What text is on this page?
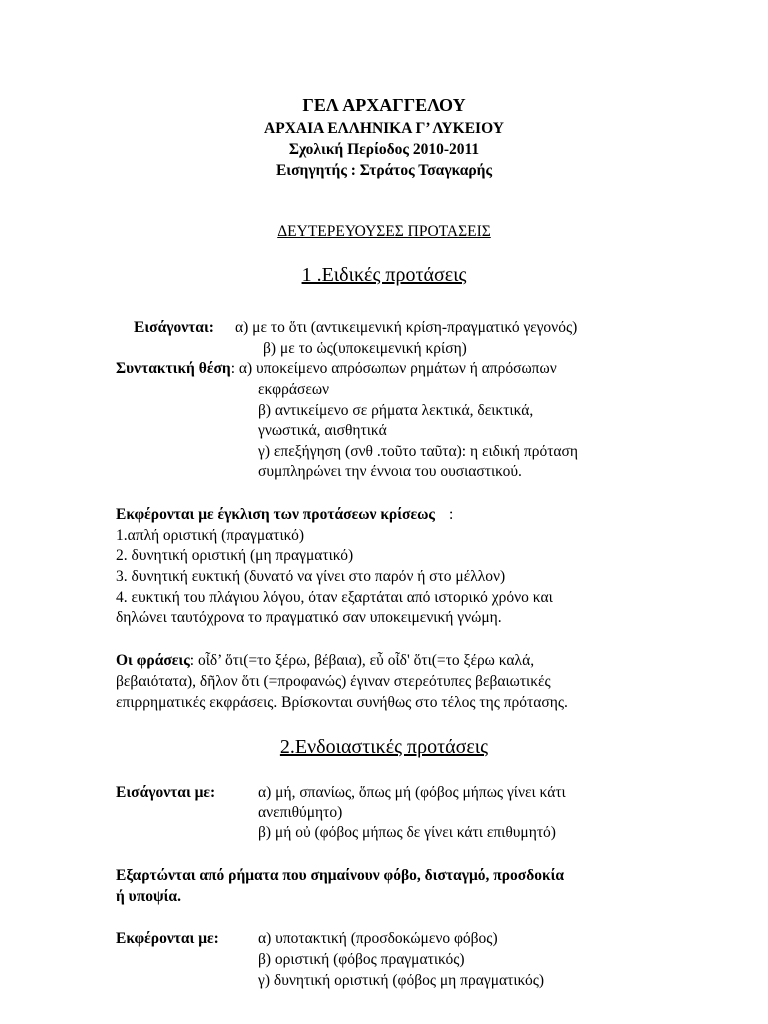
ΓΕΛ ΑΡΧΑΓΓΕΛΟΥ
ΑΡΧΑΙΑ ΕΛΛΗΝΙΚΑ Γ’ ΛΥΚΕΙΟΥ
Σχολική Περίοδος 2010-2011
Εισηγητής : Στράτος Τσαγκαρής
ΔΕΥΤΕΡΕΥΟΥΣΕΣ ΠΡΟΤΑΣΕΙΣ
1 .Ειδικές προτάσεις
Εισάγονται: α) με το ὅτι (αντικειμενική κρίση-πραγματικό γεγονός)
β) με το ὡς(υποκειμενική κρίση)
Συντακτική θέση: α) υποκείμενο απρόσωπων ρημάτων ή απρόσωπων
εκφράσεων
β) αντικείμενο σε ρήματα λεκτικά, δεικτικά,
γνωστικά, αισθητικά
γ) επεξήγηση (σνθ .τοῦτο ταῦτα): η ειδική πρόταση
συμπληρώνει την έννοια του ουσιαστικού.
Εκφέρονται με έγκλιση των προτάσεων κρίσεως :
1.απλή οριστική (πραγματικό)
2. δυνητική οριστική (μη πραγματικό)
3. δυνητική ευκτική (δυνατό να γίνει στο παρόν ή στο μέλλον)
4. ευκτική του πλάγιου λόγου, όταν εξαρτάται από ιστορικό χρόνο και
δηλώνει ταυτόχρονα το πραγματικό σαν υποκειμενική γνώμη.
Οι φράσεις: οἶδ’ ὅτι(=το ξέρω, βέβαια), εὖ οἶδ' ὅτι(=το ξέρω καλά,
βεβαιότατα), δῆλον ὅτι (=προφανώς) έγιναν στερεότυπες βεβαιωτικές
επιρρηματικές εκφράσεις. Βρίσκονται συνήθως στο τέλος της πρότασης.
2.Ενδοιαστικές προτάσεις
Εισάγονται με:	α) μή, σπανίως, ὅπως μή (φόβος μήπως γίνει κάτι
ανεπιθύμητο)
β) μή οὐ (φόβος μήπως δε γίνει κάτι επιθυμητό)
Εξαρτώνται από ρήματα που σημαίνουν φόβο, δισταγμό, προσδοκία
ή υποψία.
Εκφέρονται με:	α) υποτακτική (προσδοκώμενο φόβος)
β) οριστική (φόβος πραγματικός)
γ) δυνητική οριστική (φόβος μη πραγματικός)
